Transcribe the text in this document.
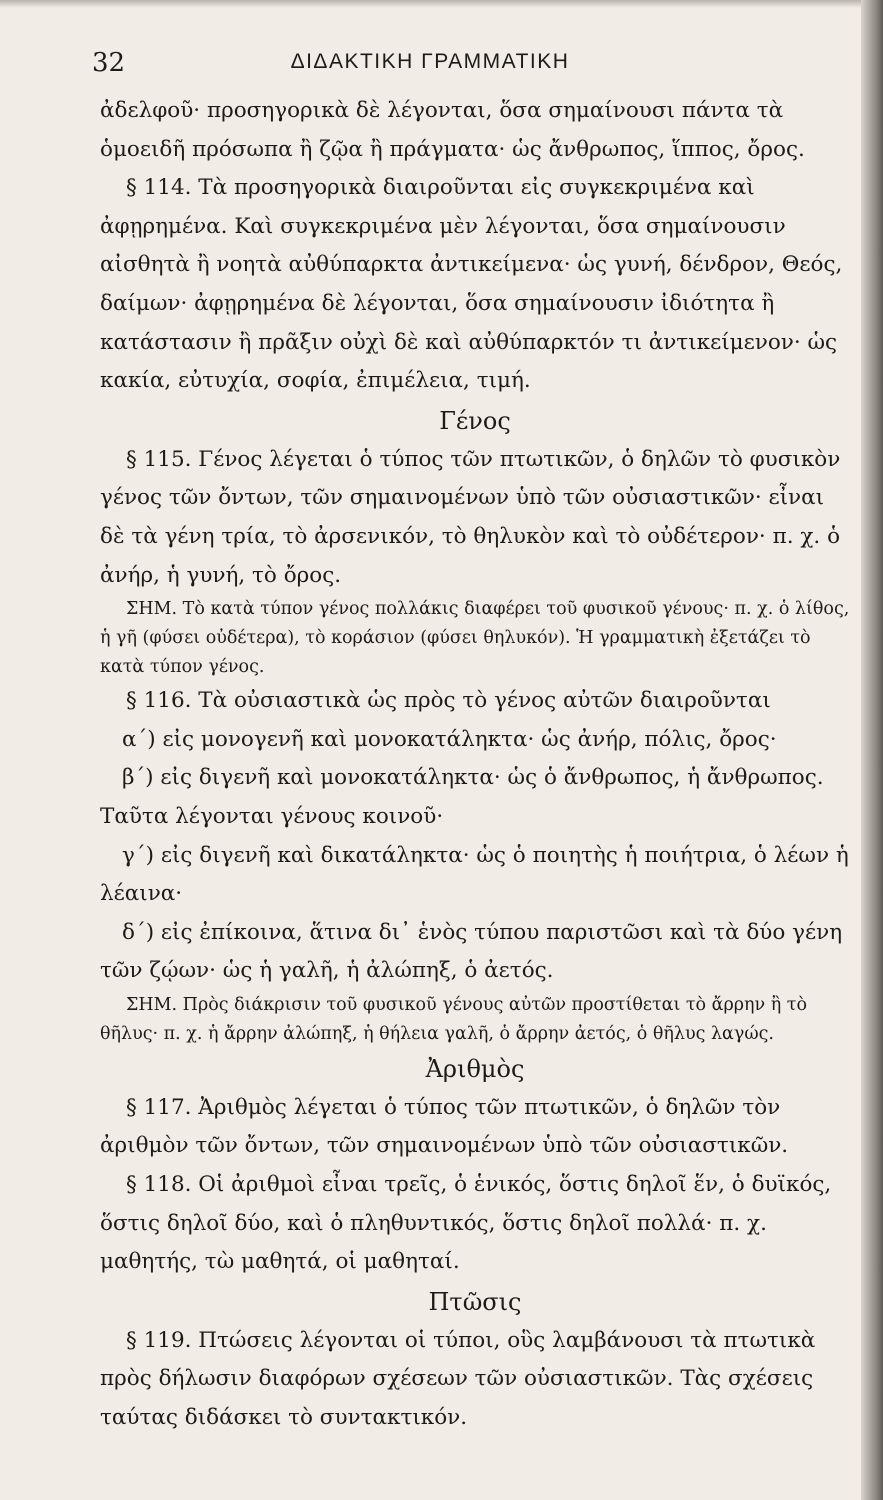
32	ΔΙΔΑΚΤΙΚΗ ΓΡΑΜΜΑΤΙΚΗ

ἀδελφοῦ· προσηγορικὰ δὲ λέγονται, ὅσα σημαίνουσι πάντα τὰ ὁμοειδῆ πρόσωπα ἢ ζῷα ἢ πράγματα· ὡς ἄνθρωπος, ἵππος, ὄρος.

§ 114. Τὰ προσηγορικὰ διαιροῦνται εἰς συγκεκριμένα καὶ ἀφῃρημένα. Καὶ συγκεκριμένα μὲν λέγονται, ὅσα σημαίνουσιν αἰσθητὰ ἢ νοητὰ αὐθύπαρκτα ἀντικείμενα· ὡς γυνή, δένδρον, Θεός, δαίμων· ἀφῃρημένα δὲ λέγονται, ὅσα σημαίνουσιν ἰδιότητα ἢ κατάστασιν ἢ πρᾶξιν οὐχὶ δὲ καὶ αὐθύπαρκτόν τι ἀντικείμενον· ὡς κακία, εὐτυχία, σοφία, ἐπιμέλεια, τιμή.

Γένος

§ 115. Γένος λέγεται ὁ τύπος τῶν πτωτικῶν, ὁ δηλῶν τὸ φυσικὸν γένος τῶν ὄντων, τῶν σημαινομένων ὑπὸ τῶν οὐσιαστικῶν· εἶναι δὲ τὰ γένη τρία, τὸ ἀρσενικόν, τὸ θηλυκὸν καὶ τὸ οὐδέτερον· π. χ. ὁ ἀνήρ, ἡ γυνή, τὸ ὄρος.

ΣΗΜ. Τὸ κατὰ τύπον γένος πολλάκις διαφέρει τοῦ φυσικοῦ γένους· π. χ. ὁ λίθος, ἡ γῆ (φύσει οὐδέτερα), τὸ κοράσιον (φύσει θηλυκόν). Ἡ γραμματικὴ ἐξετάζει τὸ κατὰ τύπον γένος.

§ 116. Τὰ οὐσιαστικὰ ὡς πρὸς τὸ γένος αὐτῶν διαιροῦνται

α΄) εἰς μονογενῆ καὶ μονοκατάληκτα· ὡς ἀνήρ, πόλις, ὄρος·

β΄) εἰς διγενῆ καὶ μονοκατάληκτα· ὡς ὁ ἄνθρωπος, ἡ ἄνθρωπος. Ταῦτα λέγονται γένους κοινοῦ·

γ΄) εἰς διγενῆ καὶ δικατάληκτα· ὡς ὁ ποιητὴς ἡ ποιήτρια, ὁ λέων ἡ λέαινα·

δ΄) εἰς ἐπίκοινα, ἅτινα δι᾽ ἑνὸς τύπου παριστῶσι καὶ τὰ δύο γένη τῶν ζῴων· ὡς ἡ γαλῆ, ἡ ἀλώπηξ, ὁ ἀετός.

ΣΗΜ. Πρὸς διάκρισιν τοῦ φυσικοῦ γένους αὐτῶν προστίθεται τὸ ἄρρην ἢ τὸ θῆλυς· π. χ. ἡ ἄρρην ἀλώπηξ, ἡ θήλεια γαλῆ, ὁ ἄρρην ἀετός, ὁ θῆλυς λαγώς.

Ἀριθμὸς

§ 117. Ἀριθμὸς λέγεται ὁ τύπος τῶν πτωτικῶν, ὁ δηλῶν τὸν ἀριθμὸν τῶν ὄντων, τῶν σημαινομένων ὑπὸ τῶν οὐσιαστικῶν.

§ 118. Οἱ ἀριθμοὶ εἶναι τρεῖς, ὁ ἑνικός, ὅστις δηλοῖ ἕν, ὁ δυϊκός, ὅστις δηλοῖ δύο, καὶ ὁ πληθυντικός, ὅστις δηλοῖ πολλά· π. χ. μαθητής, τὼ μαθητά, οἱ μαθηταί.

Πτῶσις

§ 119. Πτώσεις λέγονται οἱ τύποι, οὓς λαμβάνουσι τὰ πτωτικὰ πρὸς δήλωσιν διαφόρων σχέσεων τῶν οὐσιαστικῶν. Τὰς σχέσεις ταύτας διδάσκει τὸ συντακτικόν.
